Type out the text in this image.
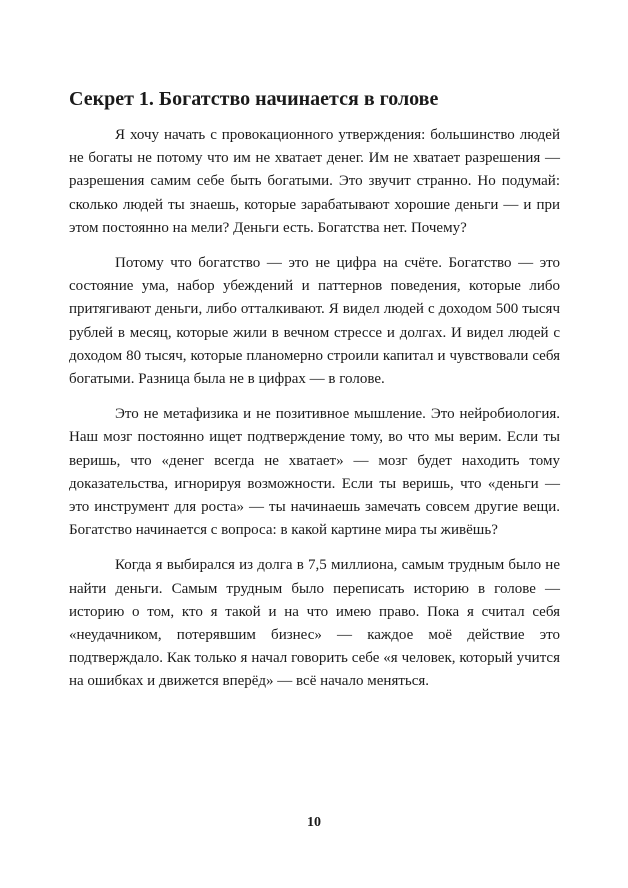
Секрет 1. Богатство начинается в голове

Я хочу начать с провокационного утверждения: большинство людей не богаты не потому что им не хватает денег. Им не хватает разрешения — разрешения самим себе быть богатыми. Это звучит странно. Но подумай: сколько людей ты знаешь, которые зарабатывают хорошие деньги — и при этом постоянно на мели? Деньги есть. Богатства нет. Почему?

Потому что богатство — это не цифра на счёте. Богатство — это состояние ума, набор убеждений и паттернов поведения, которые либо притягивают деньги, либо отталкивают. Я видел людей с доходом 500 тысяч рублей в месяц, которые жили в вечном стрессе и долгах. И видел людей с доходом 80 тысяч, которые планомерно строили капитал и чувствовали себя богатыми. Разница была не в цифрах — в голове.

Это не метафизика и не позитивное мышление. Это нейробиология. Наш мозг постоянно ищет подтверждение тому, во что мы верим. Если ты веришь, что «денег всегда не хватает» — мозг будет находить тому доказательства, игнорируя возможности. Если ты веришь, что «деньги — это инструмент для роста» — ты начинаешь замечать совсем другие вещи. Богатство начинается с вопроса: в какой картине мира ты живёшь?

Когда я выбирался из долга в 7,5 миллиона, самым трудным было не найти деньги. Самым трудным было переписать историю в голове — историю о том, кто я такой и на что имею право. Пока я считал себя «неудачником, потерявшим бизнес» — каждое моё действие это подтверждало. Как только я начал говорить себе «я человек, который учится на ошибках и движется вперёд» — всё начало меняться.

10
